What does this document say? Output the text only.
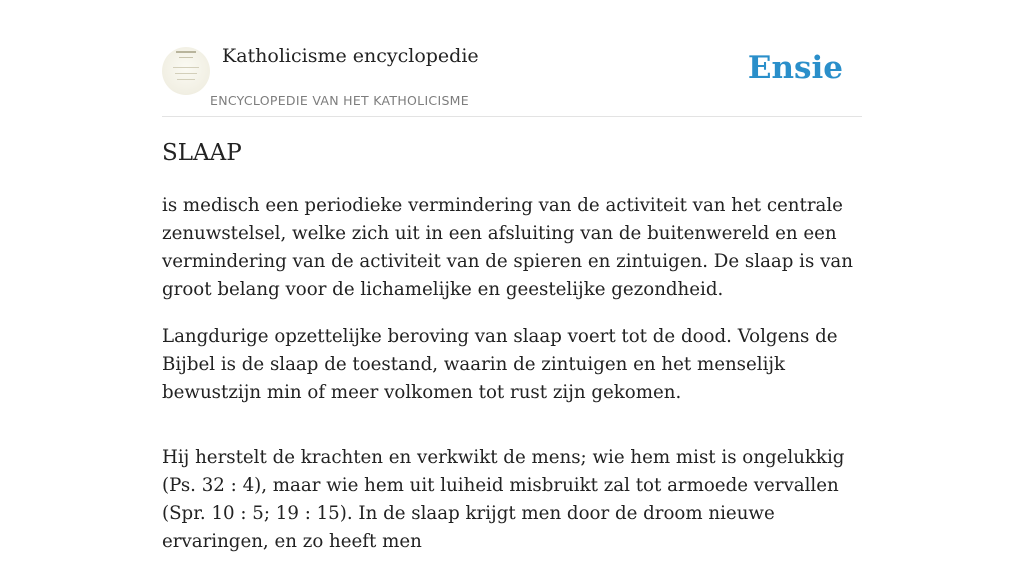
Katholicisme encyclopedie
ENCYCLOPEDIE VAN HET KATHOLICISME
Ensie
SLAAP

is medisch een periodieke vermindering van de activiteit van het centrale zenuwstelsel, welke zich uit in een afsluiting van de buitenwereld en een vermindering van de activiteit van de spieren en zintuigen. De slaap is van groot belang voor de lichamelijke en geestelijke gezondheid.

Langdurige opzettelijke beroving van slaap voert tot de dood. Volgens de Bijbel is de slaap de toestand, waarin de zintuigen en het menselijk bewustzijn min of meer volkomen tot rust zijn gekomen.

Hij herstelt de krachten en verkwikt de mens; wie hem mist is ongelukkig (Ps. 32 : 4), maar wie hem uit luiheid misbruikt zal tot armoede vervallen (Spr. 10 : 5; 19 : 15). In de slaap krijgt men door de droom nieuwe ervaringen, en zo heeft men
